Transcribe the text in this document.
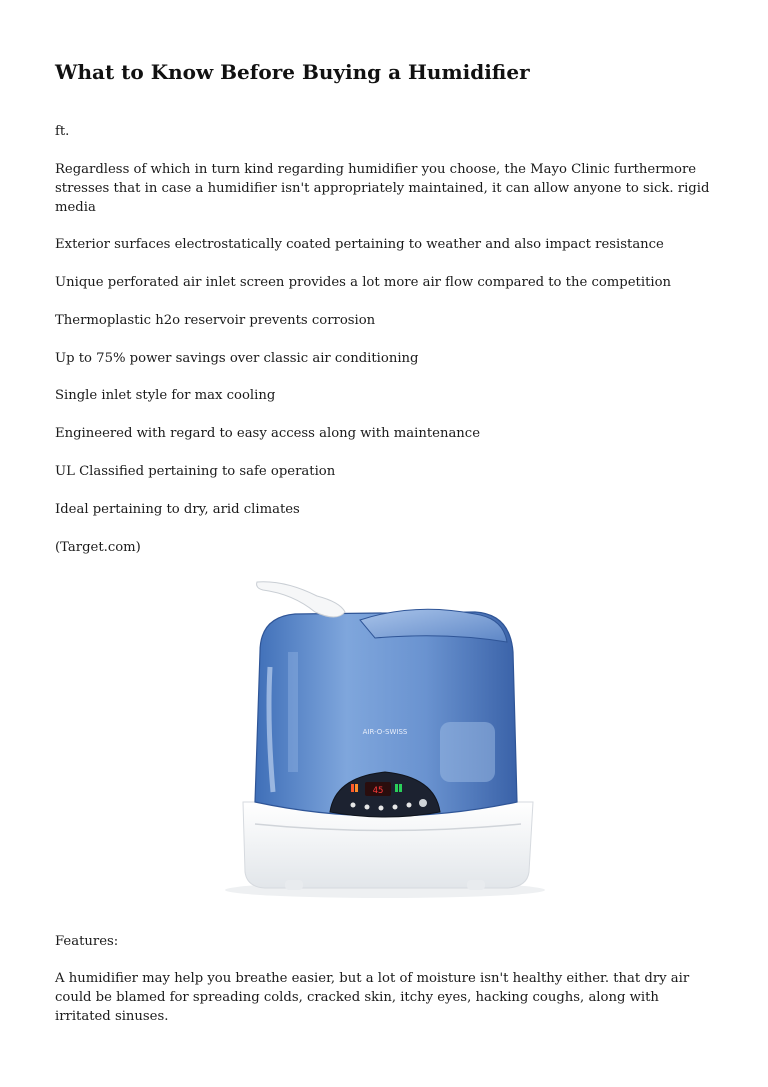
What to Know Before Buying a Humidifier

ft.

Regardless of which in turn kind regarding humidifier you choose, the Mayo Clinic furthermore stresses that in case a humidifier isn't appropriately maintained, it can allow anyone to sick. rigid media

Exterior surfaces electrostatically coated pertaining to weather and also impact resistance

Unique perforated air inlet screen provides a lot more air flow compared to the competition

Thermoplastic h2o reservoir prevents corrosion

Up to 75% power savings over classic air conditioning

Single inlet style for max cooling

Engineered with regard to easy access along with maintenance

UL Classified pertaining to safe operation

Ideal pertaining to dry, arid climates

(Target.com)

AIR-O-SWISS
45

Features:

A humidifier may help you breathe easier, but a lot of moisture isn't healthy either. that dry air could be blamed for spreading colds, cracked skin, itchy eyes, hacking coughs, along with irritated sinuses.
